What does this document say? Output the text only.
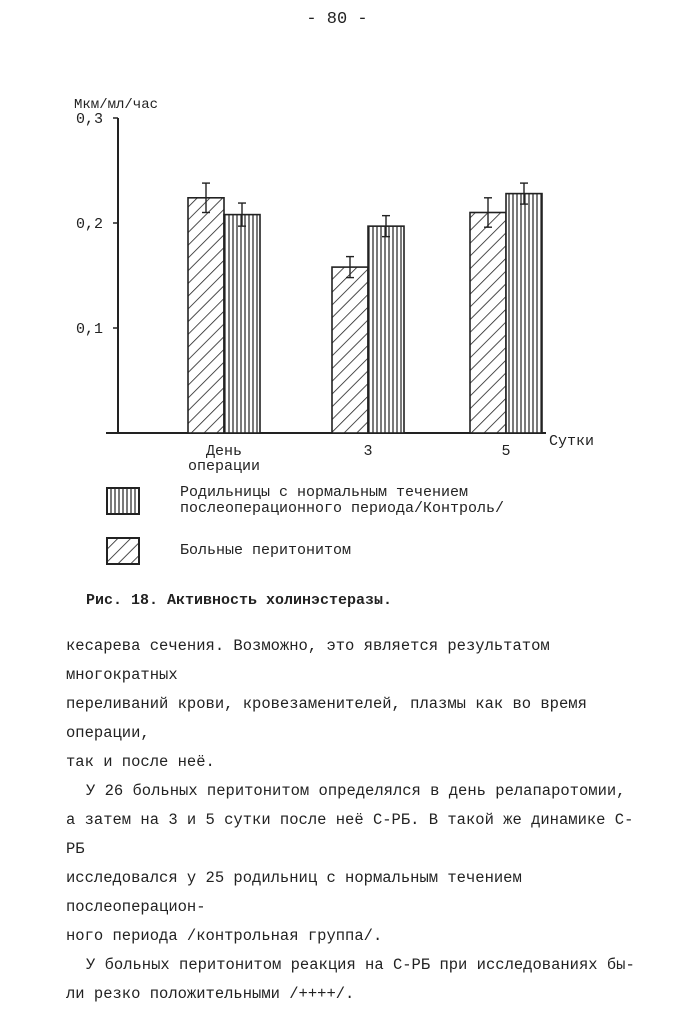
- 80 -
Мкм/мл/час
Сутки
0,1
0,2
0,3
День операции
3	5
Родильницы с нормальным течением
послеоперационного периода/Контроль/
Больные перитонитом
Рис. 18. Активность холинэстеразы.

кесарева сечения. Возможно, это является результатом многократных
переливаний крови, кровезаменителей, плазмы как во время операции,
так и после неё.

У 26 больных перитонитом определялся в день релапаротомии,
а затем на 3 и 5 сутки после неё С-РБ. В такой же динамике С-РБ
исследовался у 25 родильниц с нормальным течением послеоперацион-
ного периода /контрольная группа/.

У больных перитонитом реакция на С-РБ при исследованиях бы-
ли резко положительными /++++/.
